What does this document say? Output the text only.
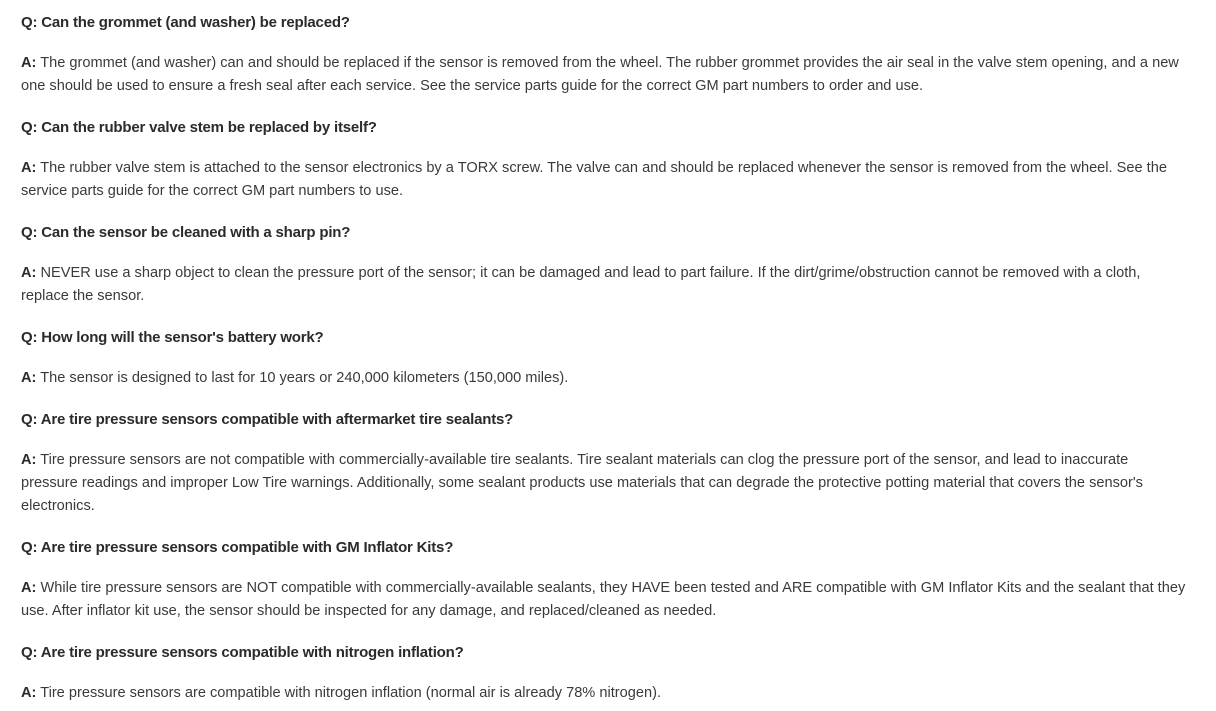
Q: Can the grommet (and washer) be replaced?

A: The grommet (and washer) can and should be replaced if the sensor is removed from the wheel. The rubber grommet provides the air seal in the valve stem opening, and a new one should be used to ensure a fresh seal after each service. See the service parts guide for the correct GM part numbers to order and use.

Q: Can the rubber valve stem be replaced by itself?

A: The rubber valve stem is attached to the sensor electronics by a TORX screw. The valve can and should be replaced whenever the sensor is removed from the wheel. See the service parts guide for the correct GM part numbers to use.

Q: Can the sensor be cleaned with a sharp pin?

A: NEVER use a sharp object to clean the pressure port of the sensor; it can be damaged and lead to part failure. If the dirt/grime/obstruction cannot be removed with a cloth, replace the sensor.

Q: How long will the sensor's battery work?

A: The sensor is designed to last for 10 years or 240,000 kilometers (150,000 miles).

Q: Are tire pressure sensors compatible with aftermarket tire sealants?

A: Tire pressure sensors are not compatible with commercially-available tire sealants. Tire sealant materials can clog the pressure port of the sensor, and lead to inaccurate pressure readings and improper Low Tire warnings. Additionally, some sealant products use materials that can degrade the protective potting material that covers the sensor's electronics.

Q: Are tire pressure sensors compatible with GM Inflator Kits?

A: While tire pressure sensors are NOT compatible with commercially-available sealants, they HAVE been tested and ARE compatible with GM Inflator Kits and the sealant that they use. After inflator kit use, the sensor should be inspected for any damage, and replaced/cleaned as needed.

Q: Are tire pressure sensors compatible with nitrogen inflation?

A: Tire pressure sensors are compatible with nitrogen inflation (normal air is already 78% nitrogen).
